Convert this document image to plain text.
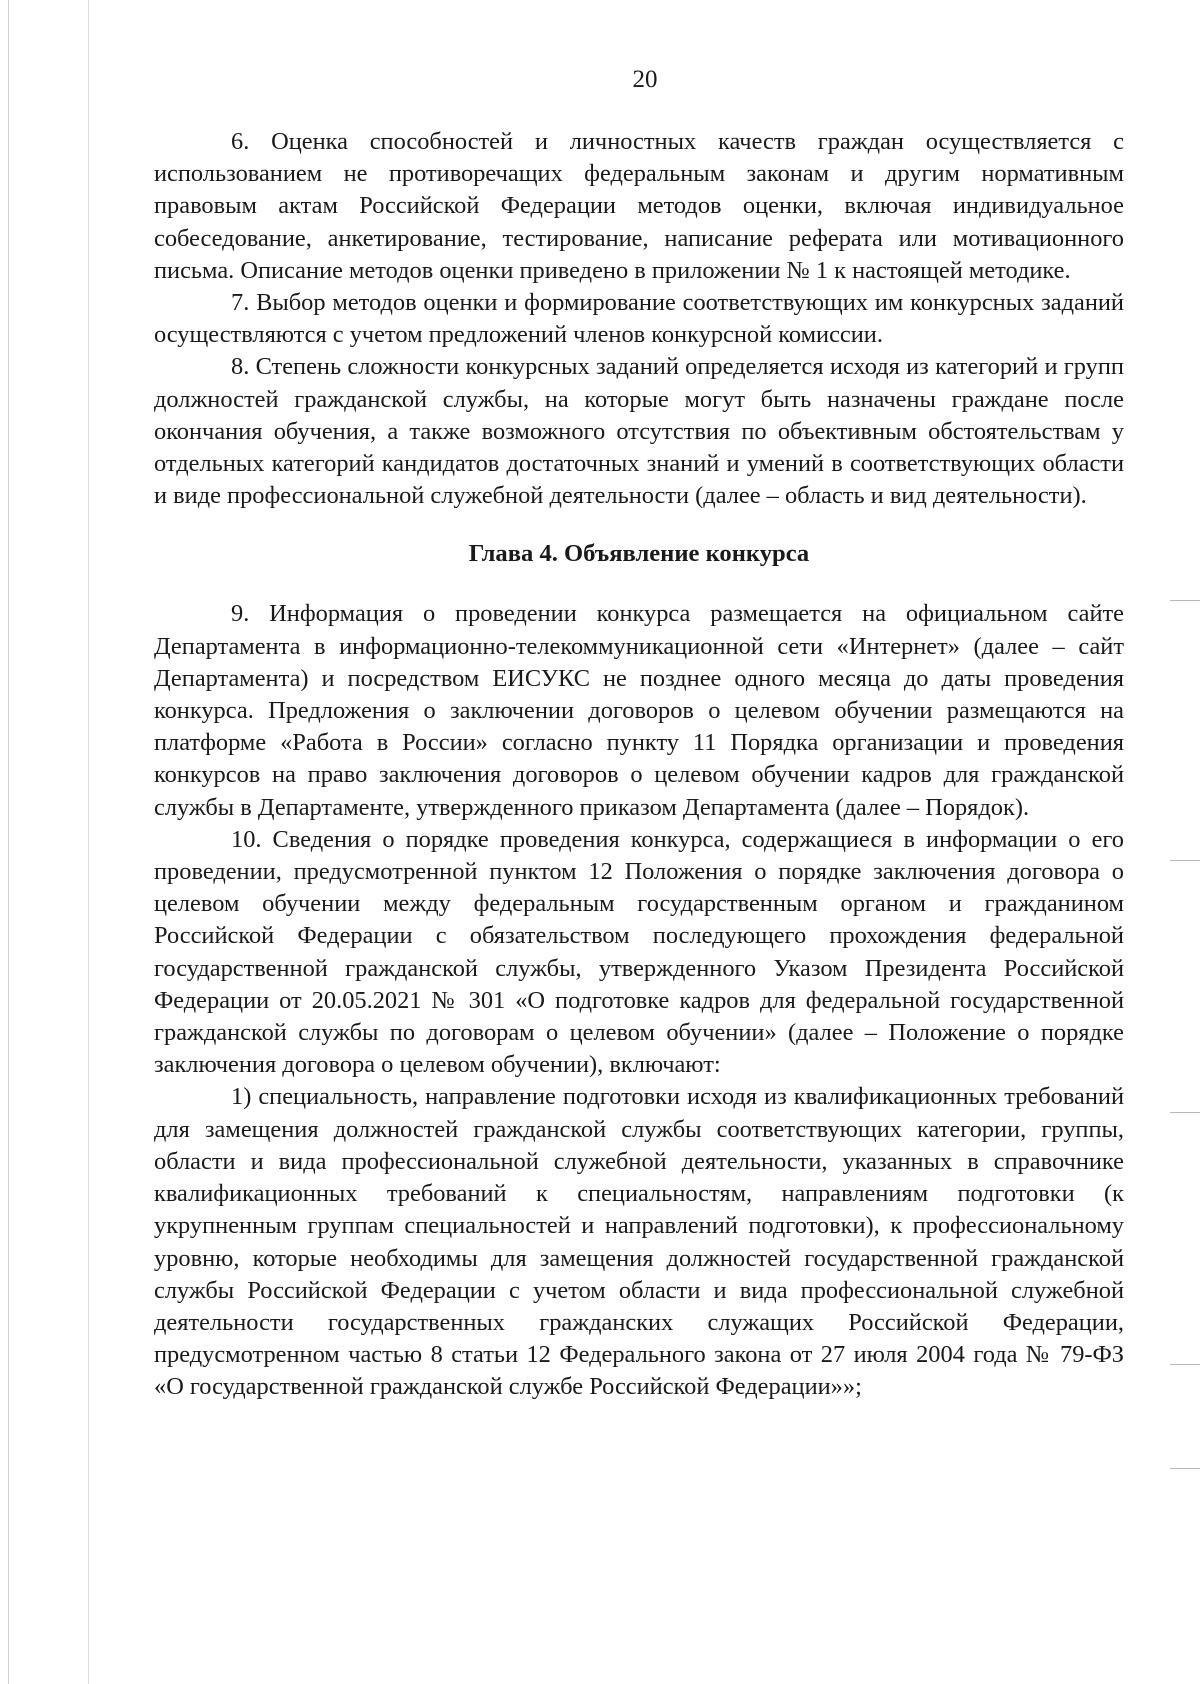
20

6. Оценка способностей и личностных качеств граждан осуществляется с использованием не противоречащих федеральным законам и другим нормативным правовым актам Российской Федерации методов оценки, включая индивидуальное собеседование, анкетирование, тестирование, написание реферата или мотивационного письма. Описание методов оценки приведено в приложении № 1 к настоящей методике.

7. Выбор методов оценки и формирование соответствующих им конкурсных заданий осуществляются с учетом предложений членов конкурсной комиссии.

8. Степень сложности конкурсных заданий определяется исходя из категорий и групп должностей гражданской службы, на которые могут быть назначены граждане после окончания обучения, а также возможного отсутствия по объективным обстоятельствам у отдельных категорий кандидатов достаточных знаний и умений в соответствующих области и виде профессиональной служебной деятельности (далее – область и вид деятельности).

Глава 4. Объявление конкурса

9. Информация о проведении конкурса размещается на официальном сайте Департамента в информационно-телекоммуникационной сети «Интернет» (далее – сайт Департамента) и посредством ЕИСУКС не позднее одного месяца до даты проведения конкурса. Предложения о заключении договоров о целевом обучении размещаются на платформе «Работа в России» согласно пункту 11 Порядка организации и проведения конкурсов на право заключения договоров о целевом обучении кадров для гражданской службы в Департаменте, утвержденного приказом Департамента (далее – Порядок).

10. Сведения о порядке проведения конкурса, содержащиеся в информации о его проведении, предусмотренной пунктом 12 Положения о порядке заключения договора о целевом обучении между федеральным государственным органом и гражданином Российской Федерации с обязательством последующего прохождения федеральной государственной гражданской службы, утвержденного Указом Президента Российской Федерации от 20.05.2021 № 301 «О подготовке кадров для федеральной государственной гражданской службы по договорам о целевом обучении» (далее – Положение о порядке заключения договора о целевом обучении), включают:

1) специальность, направление подготовки исходя из квалификационных требований для замещения должностей гражданской службы соответствующих категории, группы, области и вида профессиональной служебной деятельности, указанных в справочнике квалификационных требований к специальностям, направлениям подготовки (к укрупненным группам специальностей и направлений подготовки), к профессиональному уровню, которые необходимы для замещения должностей государственной гражданской службы Российской Федерации с учетом области и вида профессиональной служебной деятельности государственных гражданских служащих Российской Федерации, предусмотренном частью 8 статьи 12 Федерального закона от 27 июля 2004 года № 79-ФЗ «О государственной гражданской службе Российской Федерации»»;
